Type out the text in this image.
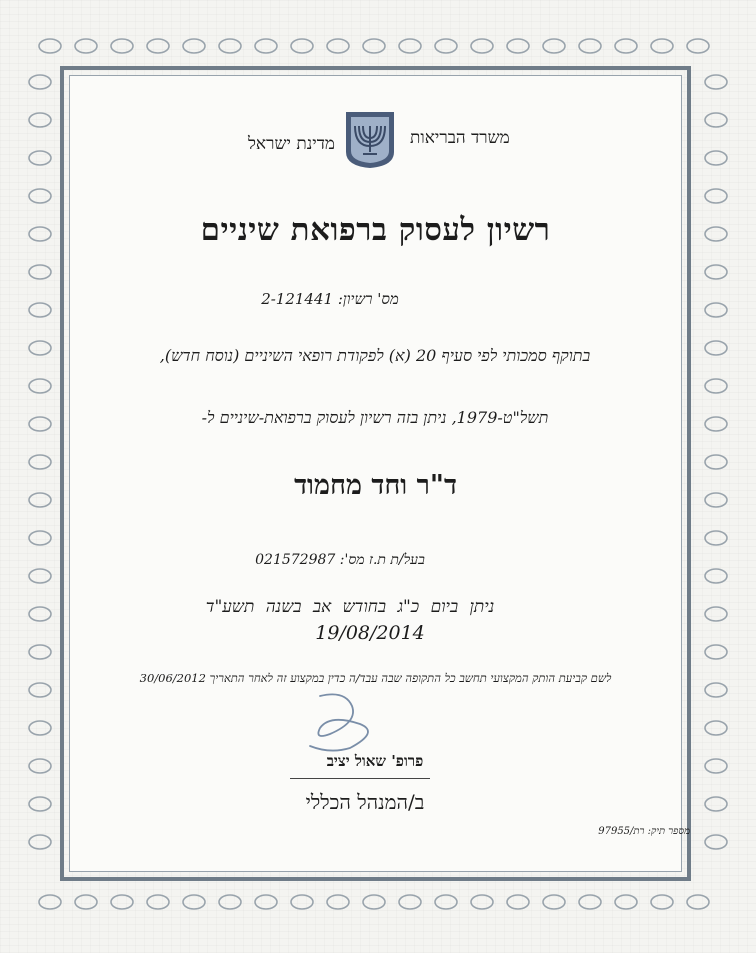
מדינת ישראל	משרד הבריאות
רשיון לעסוק ברפואת שיניים
מס' רשיון: 2-121441
בתוקף סמכותי לפי סעיף 20 (א) לפקודת רופאי השיניים (נוסח חדש),
תשל"ט-1979, ניתן בזה רשיון לעסוק ברפואת-שיניים ל-
ד"ר וחד מחמוד
בעל/ת ת.ז מס': 021572987
ניתן ביום כ"ג בחודש אב בשנה תשע"ד
19/08/2014
לשם קביעת הותק המקצועי תחשב כל התקופה שבה עבד/ה כדין במקצוע זה לאחר התאריך 30/06/2012
פרופ' שאול יציב
ב/המנהל הכללי
מספר תיק: רת/97955
